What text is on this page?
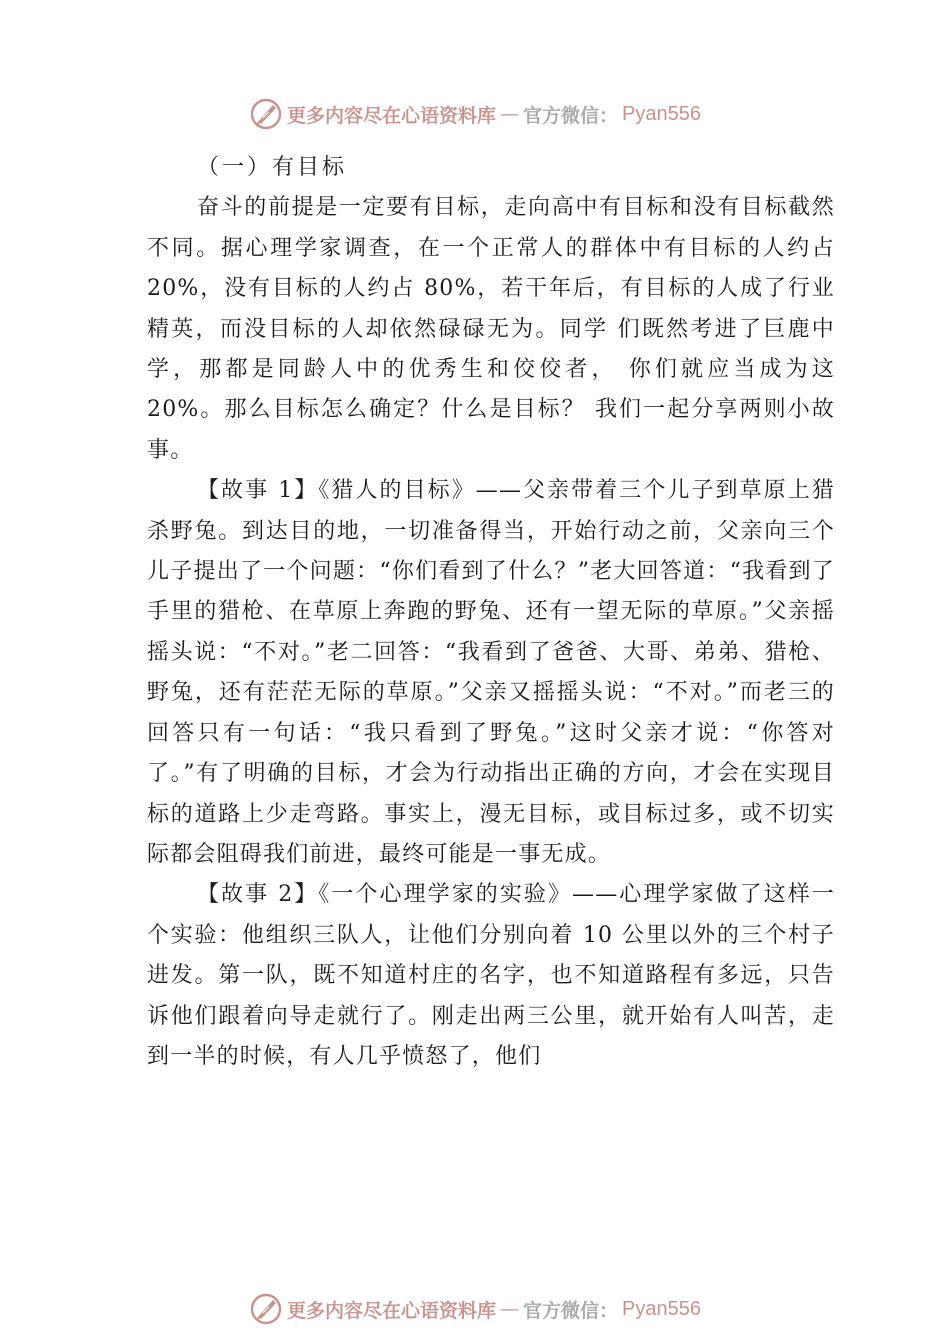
更多内容尽在心语资料库 — 官方微信： Pyan556

（一）有目标

奋斗的前提是一定要有目标，走向高中有目标和没有目标截然不同。据心理学家调查，在一个正常人的群体中有目标的人约占 20%，没有目标的人约占 80%，若干年后，有目标的人成了行业精英，而没目标的人却依然碌碌无为。同学 们既然考进了巨鹿中学，那都是同龄人中的优秀生和佼佼者， 你们就应当成为这 20%。那么目标怎么确定？什么是目标？ 我们一起分享两则小故事。

【故事 1】《猎人的目标》——父亲带着三个儿子到草原上猎杀野兔。到达目的地，一切准备得当，开始行动之前，父亲向三个儿子提出了一个问题：“你们看到了什么？”老大回答道：“我看到了手里的猎枪、在草原上奔跑的野兔、还有一望无际的草原。”父亲摇摇头说：“不对。”老二回答：“我看到了爸爸、大哥、弟弟、猎枪、野兔，还有茫茫无际的草原。”父亲又摇摇头说：“不对。”而老三的回答只有一句话：“我只看到了野兔。”这时父亲才说：“你答对了。”有了明确的目标，才会为行动指出正确的方向，才会在实现目标的道路上少走弯路。事实上，漫无目标，或目标过多，或不切实际都会阻碍我们前进，最终可能是一事无成。

【故事 2】《一个心理学家的实验》——心理学家做了这样一个实验：他组织三队人，让他们分别向着 10 公里以外的三个村子进发。第一队，既不知道村庄的名字，也不知道路程有多远，只告诉他们跟着向导走就行了。刚走出两三公里，就开始有人叫苦，走到一半的时候，有人几乎愤怒了，他们

更多内容尽在心语资料库 — 官方微信： Pyan556
